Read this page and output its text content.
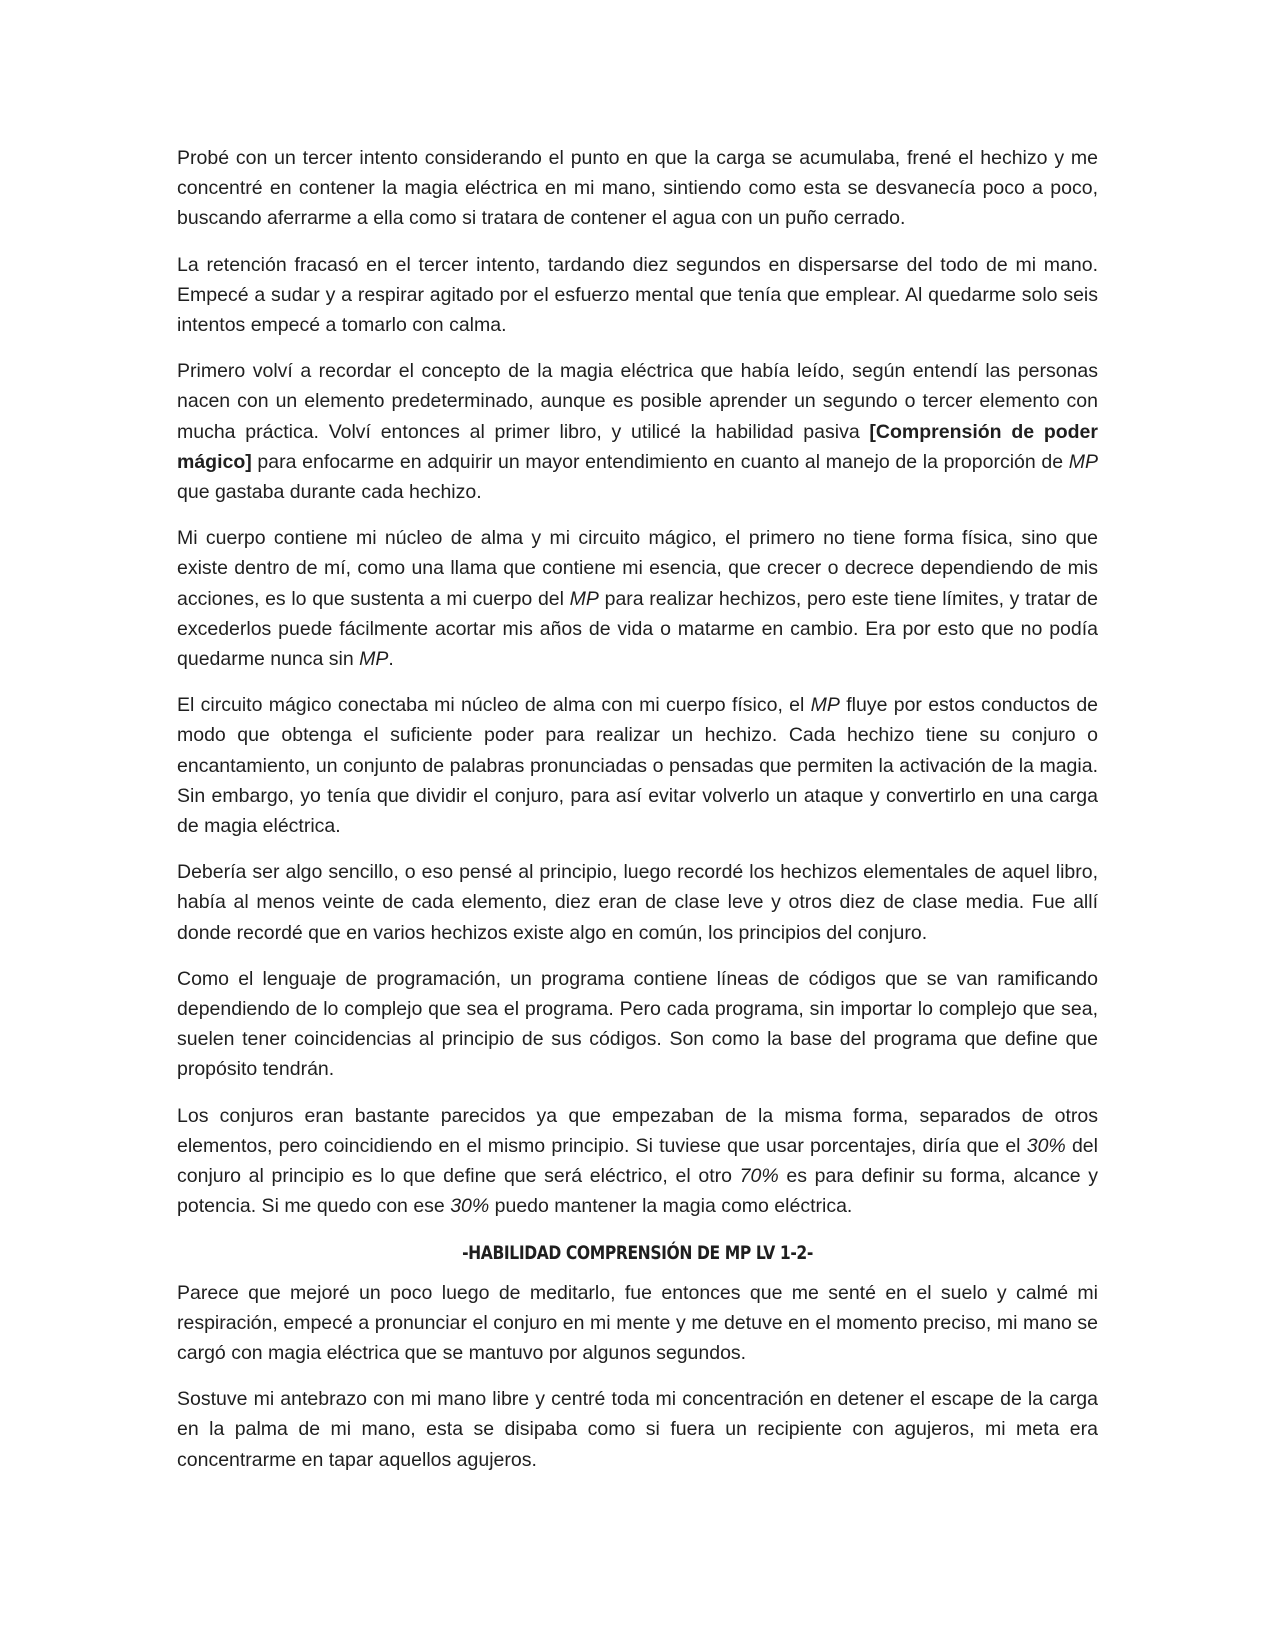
Probé con un tercer intento considerando el punto en que la carga se acumulaba, frené el hechizo y me concentré en contener la magia eléctrica en mi mano, sintiendo como esta se desvanecía poco a poco, buscando aferrarme a ella como si tratara de contener el agua con un puño cerrado.

La retención fracasó en el tercer intento, tardando diez segundos en dispersarse del todo de mi mano. Empecé a sudar y a respirar agitado por el esfuerzo mental que tenía que emplear. Al quedarme solo seis intentos empecé a tomarlo con calma.

Primero volví a recordar el concepto de la magia eléctrica que había leído, según entendí las personas nacen con un elemento predeterminado, aunque es posible aprender un segundo o tercer elemento con mucha práctica. Volví entonces al primer libro, y utilicé la habilidad pasiva [Comprensión de poder mágico] para enfocarme en adquirir un mayor entendimiento en cuanto al manejo de la proporción de MP que gastaba durante cada hechizo.

Mi cuerpo contiene mi núcleo de alma y mi circuito mágico, el primero no tiene forma física, sino que existe dentro de mí, como una llama que contiene mi esencia, que crecer o decrece dependiendo de mis acciones, es lo que sustenta a mi cuerpo del MP para realizar hechizos, pero este tiene límites, y tratar de excederlos puede fácilmente acortar mis años de vida o matarme en cambio. Era por esto que no podía quedarme nunca sin MP.

El circuito mágico conectaba mi núcleo de alma con mi cuerpo físico, el MP fluye por estos conductos de modo que obtenga el suficiente poder para realizar un hechizo. Cada hechizo tiene su conjuro o encantamiento, un conjunto de palabras pronunciadas o pensadas que permiten la activación de la magia. Sin embargo, yo tenía que dividir el conjuro, para así evitar volverlo un ataque y convertirlo en una carga de magia eléctrica.

Debería ser algo sencillo, o eso pensé al principio, luego recordé los hechizos elementales de aquel libro, había al menos veinte de cada elemento, diez eran de clase leve y otros diez de clase media. Fue allí donde recordé que en varios hechizos existe algo en común, los principios del conjuro.

Como el lenguaje de programación, un programa contiene líneas de códigos que se van ramificando dependiendo de lo complejo que sea el programa. Pero cada programa, sin importar lo complejo que sea, suelen tener coincidencias al principio de sus códigos. Son como la base del programa que define que propósito tendrán.

Los conjuros eran bastante parecidos ya que empezaban de la misma forma, separados de otros elementos, pero coincidiendo en el mismo principio. Si tuviese que usar porcentajes, diría que el 30% del conjuro al principio es lo que define que será eléctrico, el otro 70% es para definir su forma, alcance y potencia. Si me quedo con ese 30% puedo mantener la magia como eléctrica.

-HABILIDAD COMPRENSIÓN DE MP LV 1-2-

Parece que mejoré un poco luego de meditarlo, fue entonces que me senté en el suelo y calmé mi respiración, empecé a pronunciar el conjuro en mi mente y me detuve en el momento preciso, mi mano se cargó con magia eléctrica que se mantuvo por algunos segundos.

Sostuve mi antebrazo con mi mano libre y centré toda mi concentración en detener el escape de la carga en la palma de mi mano, esta se disipaba como si fuera un recipiente con agujeros, mi meta era concentrarme en tapar aquellos agujeros.
